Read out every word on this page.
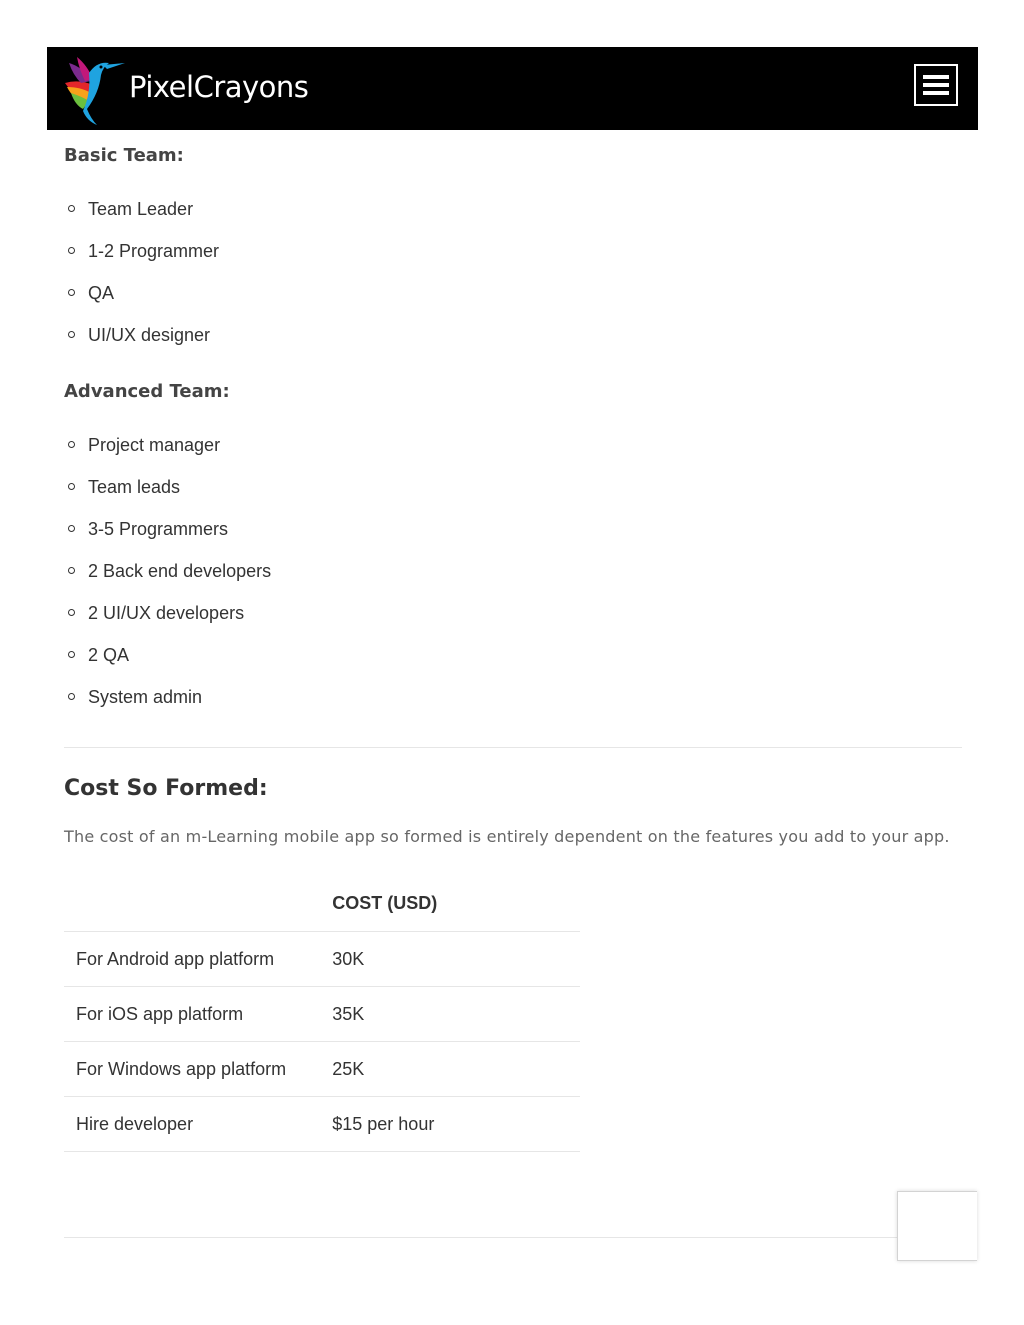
PixelCrayons
Basic Team:
Team Leader
1-2 Programmer
QA
UI/UX designer
Advanced Team:
Project manager
Team leads
3-5 Programmers
2 Back end developers
2 UI/UX developers
2 QA
System admin
Cost So Formed:

The cost of an m-Learning mobile app so formed is entirely dependent on the features you add to your app.

	COST (USD)
For Android app platform	30K
For iOS app platform	35K
For Windows app platform	25K
Hire developer	$15 per hour
